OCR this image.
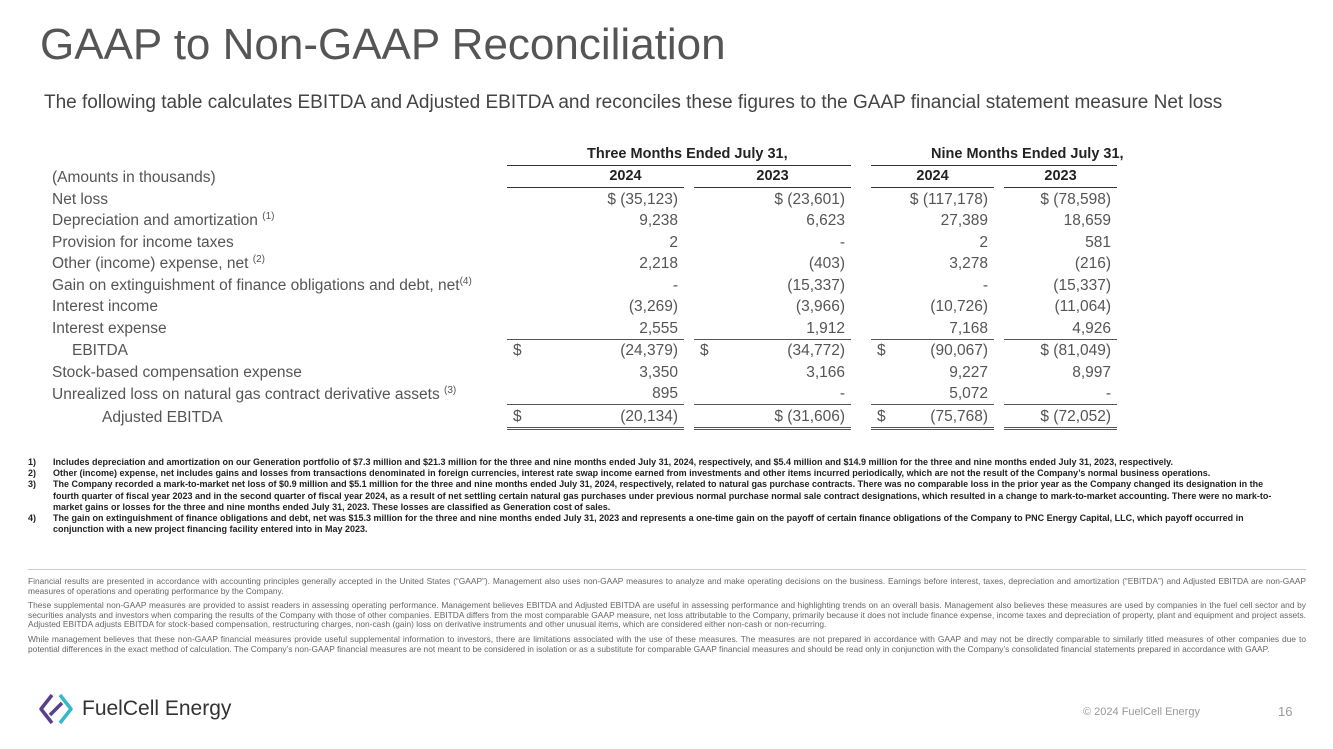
GAAP to Non-GAAP Reconciliation
The following table calculates EBITDA and Adjusted EBITDA and reconciles these figures to the GAAP financial statement measure Net loss
	Three Months Ended July 31,				Nine Months Ended July 31,		
(Amounts in thousands)	2024		2023		2024		2023
Net loss	$ (35,123)		$ (23,601)		$ (117,178)		$ (78,598)
Depreciation and amortization $^{(1)}$	9,238		6,623		27,389		18,659
Provision for income taxes	2		-		2		581
Other (income) expense, net $^{(2)}$	2,218		(403)		3,278		(216)
Gain on extinguishment of finance obligations and debt, net$^{(4)}$	-		(15,337)		-		(15,337)
Interest income	(3,269)		(3,966)		(10,726)		(11,064)
Interest expense	2,555		1,912		7,168		4,926
EBITDA	$ (24,379)		$ (34,772)		$ (90,067)		$ (81,049)
Stock-based compensation expense	3,350		3,166		9,227		8,997
Unrealized loss on natural gas contract derivative assets $^{(3)}$	895		-		5,072		-
Adjusted EBITDA	$ (20,134)		$ (31,606)		$ (75,768)		$ (72,052)
1)	Includes depreciation and amortization on our Generation portfolio of $7.3 million and $21.3 million for the three and nine months ended July 31, 2024, respectively, and $5.4 million and $14.9 million for the three and nine months ended July 31, 2023, respectively.
2)	Other (income) expense, net includes gains and losses from transactions denominated in foreign currencies, interest rate swap income earned from investments and other items incurred periodically, which are not the result of the Company’s normal business operations.
3)	The Company recorded a mark-to-market net loss of $0.9 million and $5.1 million for the three and nine months ended July 31, 2024, respectively, related to natural gas purchase contracts. There was no comparable loss in the prior year as the Company changed its designation in the fourth quarter of fiscal year 2023 and in the second quarter of fiscal year 2024, as a result of net settling certain natural gas purchases under previous normal purchase normal sale contract designations, which resulted in a change to mark-to-market accounting. There were no mark-to-market gains or losses for the three and nine months ended July 31, 2023. These losses are classified as Generation cost of sales.
4)	The gain on extinguishment of finance obligations and debt, net was $15.3 million for the three and nine months ended July 31, 2023 and represents a one-time gain on the payoff of certain finance obligations of the Company to PNC Energy Capital, LLC, which payoff occurred in conjunction with a new project financing facility entered into in May 2023.

Financial results are presented in accordance with accounting principles generally accepted in the United States (“GAAP”). Management also uses non-GAAP measures to analyze and make operating decisions on the business. Earnings before interest, taxes, depreciation and amortization (“EBITDA”) and Adjusted EBITDA are non-GAAP measures of operations and operating performance by the Company.

These supplemental non-GAAP measures are provided to assist readers in assessing operating performance. Management believes EBITDA and Adjusted EBITDA are useful in assessing performance and highlighting trends on an overall basis. Management also believes these measures are used by companies in the fuel cell sector and by securities analysts and investors when comparing the results of the Company with those of other companies. EBITDA differs from the most comparable GAAP measure, net loss attributable to the Company, primarily because it does not include finance expense, income taxes and depreciation of property, plant and equipment and project assets. Adjusted EBITDA adjusts EBITDA for stock-based compensation, restructuring charges, non-cash (gain) loss on derivative instruments and other unusual items, which are considered either non-cash or non-recurring.

While management believes that these non-GAAP financial measures provide useful supplemental information to investors, there are limitations associated with the use of these measures. The measures are not prepared in accordance with GAAP and may not be directly comparable to similarly titled measures of other companies due to potential differences in the exact method of calculation. The Company’s non-GAAP financial measures are not meant to be considered in isolation or as a substitute for comparable GAAP financial measures and should be read only in conjunction with the Company’s consolidated financial statements prepared in accordance with GAAP.

FuelCell Energy	© 2024 FuelCell Energy	16
